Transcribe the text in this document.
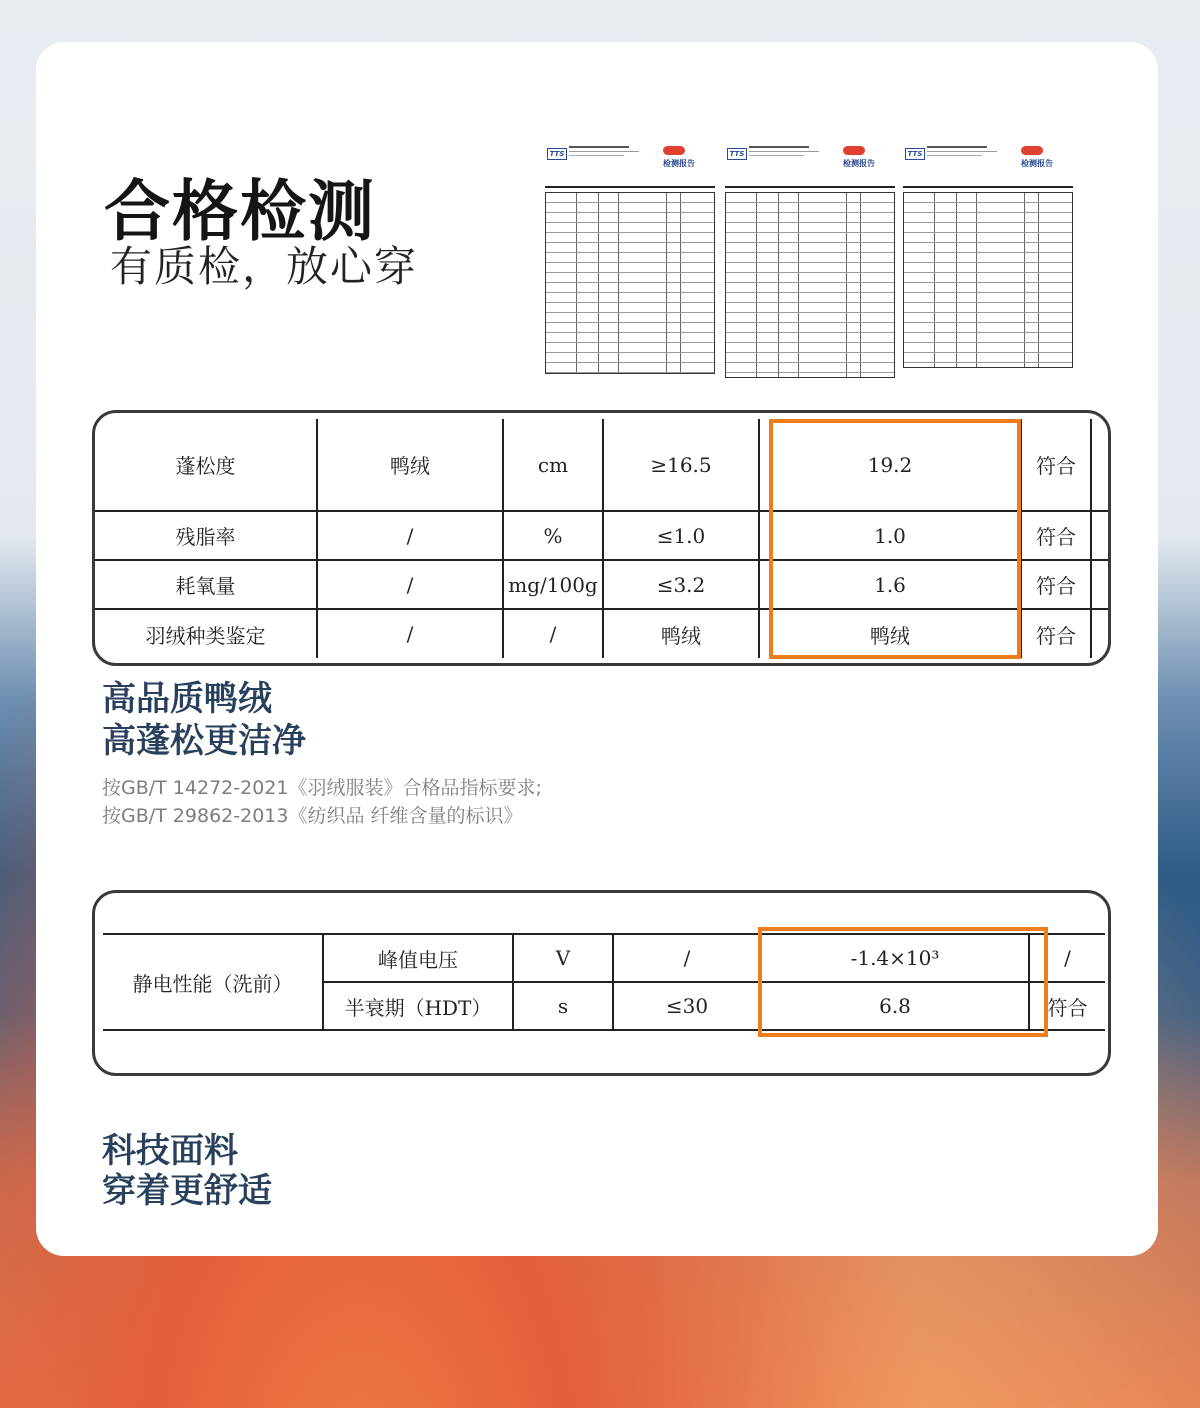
合格检测

有质检，放心穿

TTS
检测报告
TTS
检测报告
TTS
检测报告
蓬松度	鸭绒	cm	≥16.5	19.2	符合	
残脂率	/	%	≤1.0	1.0	符合	
耗氧量	/	mg/100g	≤3.2	1.6	符合	
羽绒种类鉴定	/	/	鸭绒	鸭绒	符合	

高品质鸭绒

高蓬松更洁净

按GB/T 14272-2021《羽绒服装》合格品指标要求;
按GB/T 29862-2013《纺织品 纤维含量的标识》

静电性能（洗前）	峰值电压	V	/	-1.4×10³	/
	半衰期（HDT）	s	≤30	6.8	符合

科技面料

穿着更舒适
